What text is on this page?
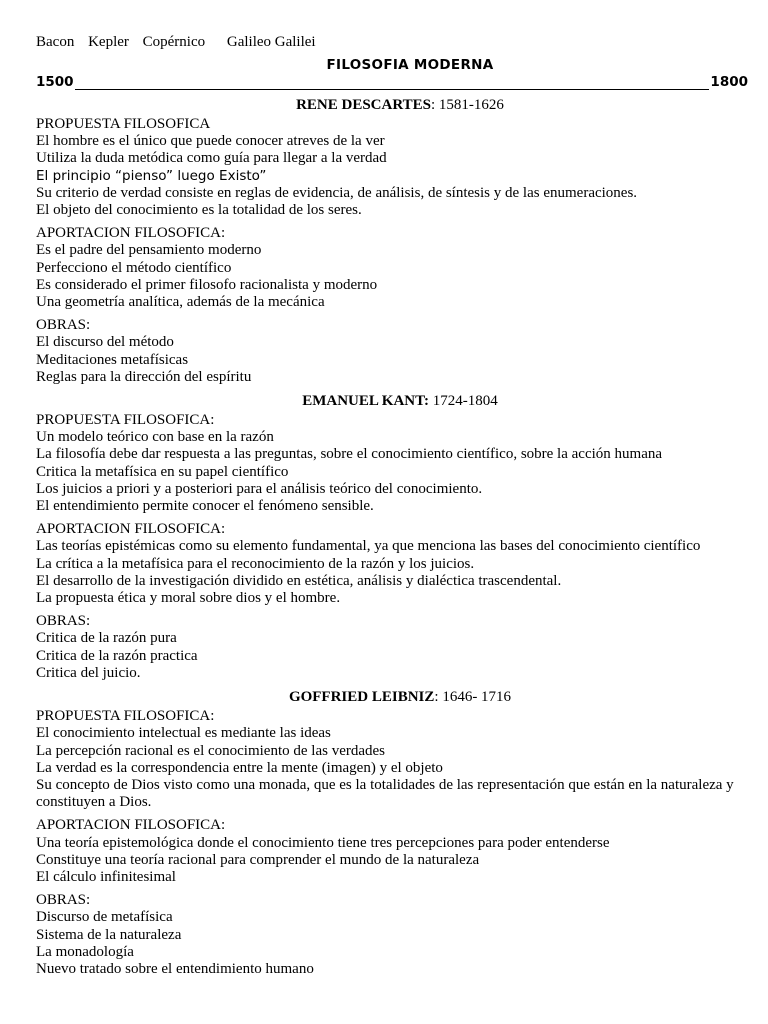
Bacon Kepler Copérnico Galileo Galilei
FILOSOFIA MODERNA
1500	1800
RENE DESCARTES: 1581-1626
PROPUESTA FILOSOFICA
El hombre es el único que puede conocer atreves de la ver
Utiliza la duda metódica como guía para llegar a la verdad
El principio “pienso” luego Existo”
Su criterio de verdad consiste en reglas de evidencia, de análisis, de síntesis y de las enumeraciones.
El objeto del conocimiento es la totalidad de los seres.
APORTACION FILOSOFICA:
Es el padre del pensamiento moderno
Perfecciono el método científico
Es considerado el primer filosofo racionalista y moderno
Una geometría analítica, además de la mecánica
OBRAS:
El discurso del método
Meditaciones metafísicas
Reglas para la dirección del espíritu
EMANUEL KANT: 1724-1804
PROPUESTA FILOSOFICA:
Un modelo teórico con base en la razón
La filosofía debe dar respuesta a las preguntas, sobre el conocimiento científico, sobre la acción humana
Critica la metafísica en su papel científico
Los juicios a priori y a posteriori para el análisis teórico del conocimiento.
El entendimiento permite conocer el fenómeno sensible.
APORTACION FILOSOFICA:
Las teorías epistémicas como su elemento fundamental, ya que menciona las bases del conocimiento científico
La crítica a la metafísica para el reconocimiento de la razón y los juicios.
El desarrollo de la investigación dividido en estética, análisis y dialéctica trascendental.
La propuesta ética y moral sobre dios y el hombre.
OBRAS:
Critica de la razón pura
Critica de la razón practica
Critica del juicio.
GOFFRIED LEIBNIZ: 1646- 1716
PROPUESTA FILOSOFICA:
El conocimiento intelectual es mediante las ideas
La percepción racional es el conocimiento de las verdades
La verdad es la correspondencia entre la mente (imagen) y el objeto
Su concepto de Dios visto como una monada, que es la totalidades de las representación que están en la naturaleza y constituyen a Dios.
APORTACION FILOSOFICA:
Una teoría epistemológica donde el conocimiento tiene tres percepciones para poder entenderse
Constituye una teoría racional para comprender el mundo de la naturaleza
El cálculo infinitesimal
OBRAS:
Discurso de metafísica
Sistema de la naturaleza
La monadología
Nuevo tratado sobre el entendimiento humano
